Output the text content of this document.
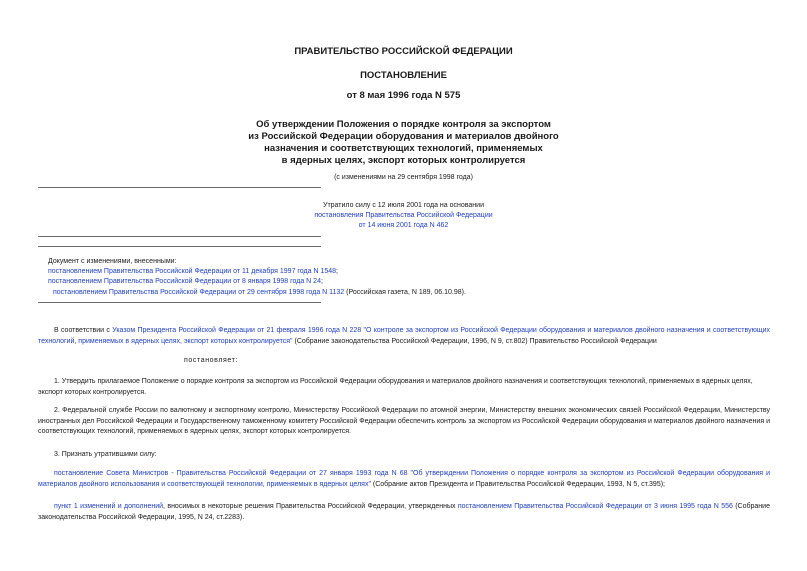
ПРАВИТЕЛЬСТВО РОССИЙСКОЙ ФЕДЕРАЦИИ
ПОСТАНОВЛЕНИЕ
от 8 мая 1996 года N 575
Об утверждении Положения о порядке контроля за экспортом
из Российской Федерации оборудования и материалов двойного
назначения и соответствующих технологий, применяемых
в ядерных целях, экспорт которых контролируется
(с изменениями на 29 сентября 1998 года)
Утратило силу с 12 июля 2001 года на основании
постановления Правительства Российской Федерации
от 14 июня 2001 года N 462
Документ с изменениями, внесенными:
постановлением Правительства Российской Федерации от 11 декабря 1997 года N 1548;
постановлением Правительства Российской Федерации от 8 января 1998 года N 24;
постановлением Правительства Российской Федерации от 29 сентября 1998 года N 1132 (Российская газета, N 189, 06.10.98).
В соответствии с Указом Президента Российской Федерации от 21 февраля 1996 года N 228 "О контроле за экспортом из Российской Федерации оборудования и материалов двойного назначения и соответствующих технологий, применяемых в ядерных целях, экспорт которых контролируется" (Собрание законодательства Российской Федерации, 1996, N 9, ст.802) Правительство Российской Федерации
постановляет:
1. Утвердить прилагаемое Положение о порядке контроля за экспортом из Российской Федерации оборудования и материалов двойного назначения и соответствующих технологий, применяемых в ядерных целях, экспорт которых контролируется.
2. Федеральной службе России по валютному и экспортному контролю, Министерству Российской Федерации по атомной энергии, Министерству внешних экономических связей Российской Федерации, Министерству иностранных дел Российской Федерации и Государственному таможенному комитету Российской Федерации обеспечить контроль за экспортом из Российской Федерации оборудования и материалов двойного назначения и соответствующих технологий, применяемых в ядерных целях, экспорт которых контролируется.
3. Признать утратившими силу:
постановление Совета Министров - Правительства Российской Федерации от 27 января 1993 года N 68 "Об утверждении Положения о порядке контроля за экспортом из Российской Федерации оборудования и материалов двойного использования и соответствующей технологии, применяемых в ядерных целях" (Собрание актов Президента и Правительства Российской Федерации, 1993, N 5, ст.395);
пункт 1 изменений и дополнений, вносимых в некоторые решения Правительства Российской Федерации, утвержденных постановлением Правительства Российской Федерации от 3 июня 1995 года N 556 (Собрание законодательства Российской Федерации, 1995, N 24, ст.2283).
